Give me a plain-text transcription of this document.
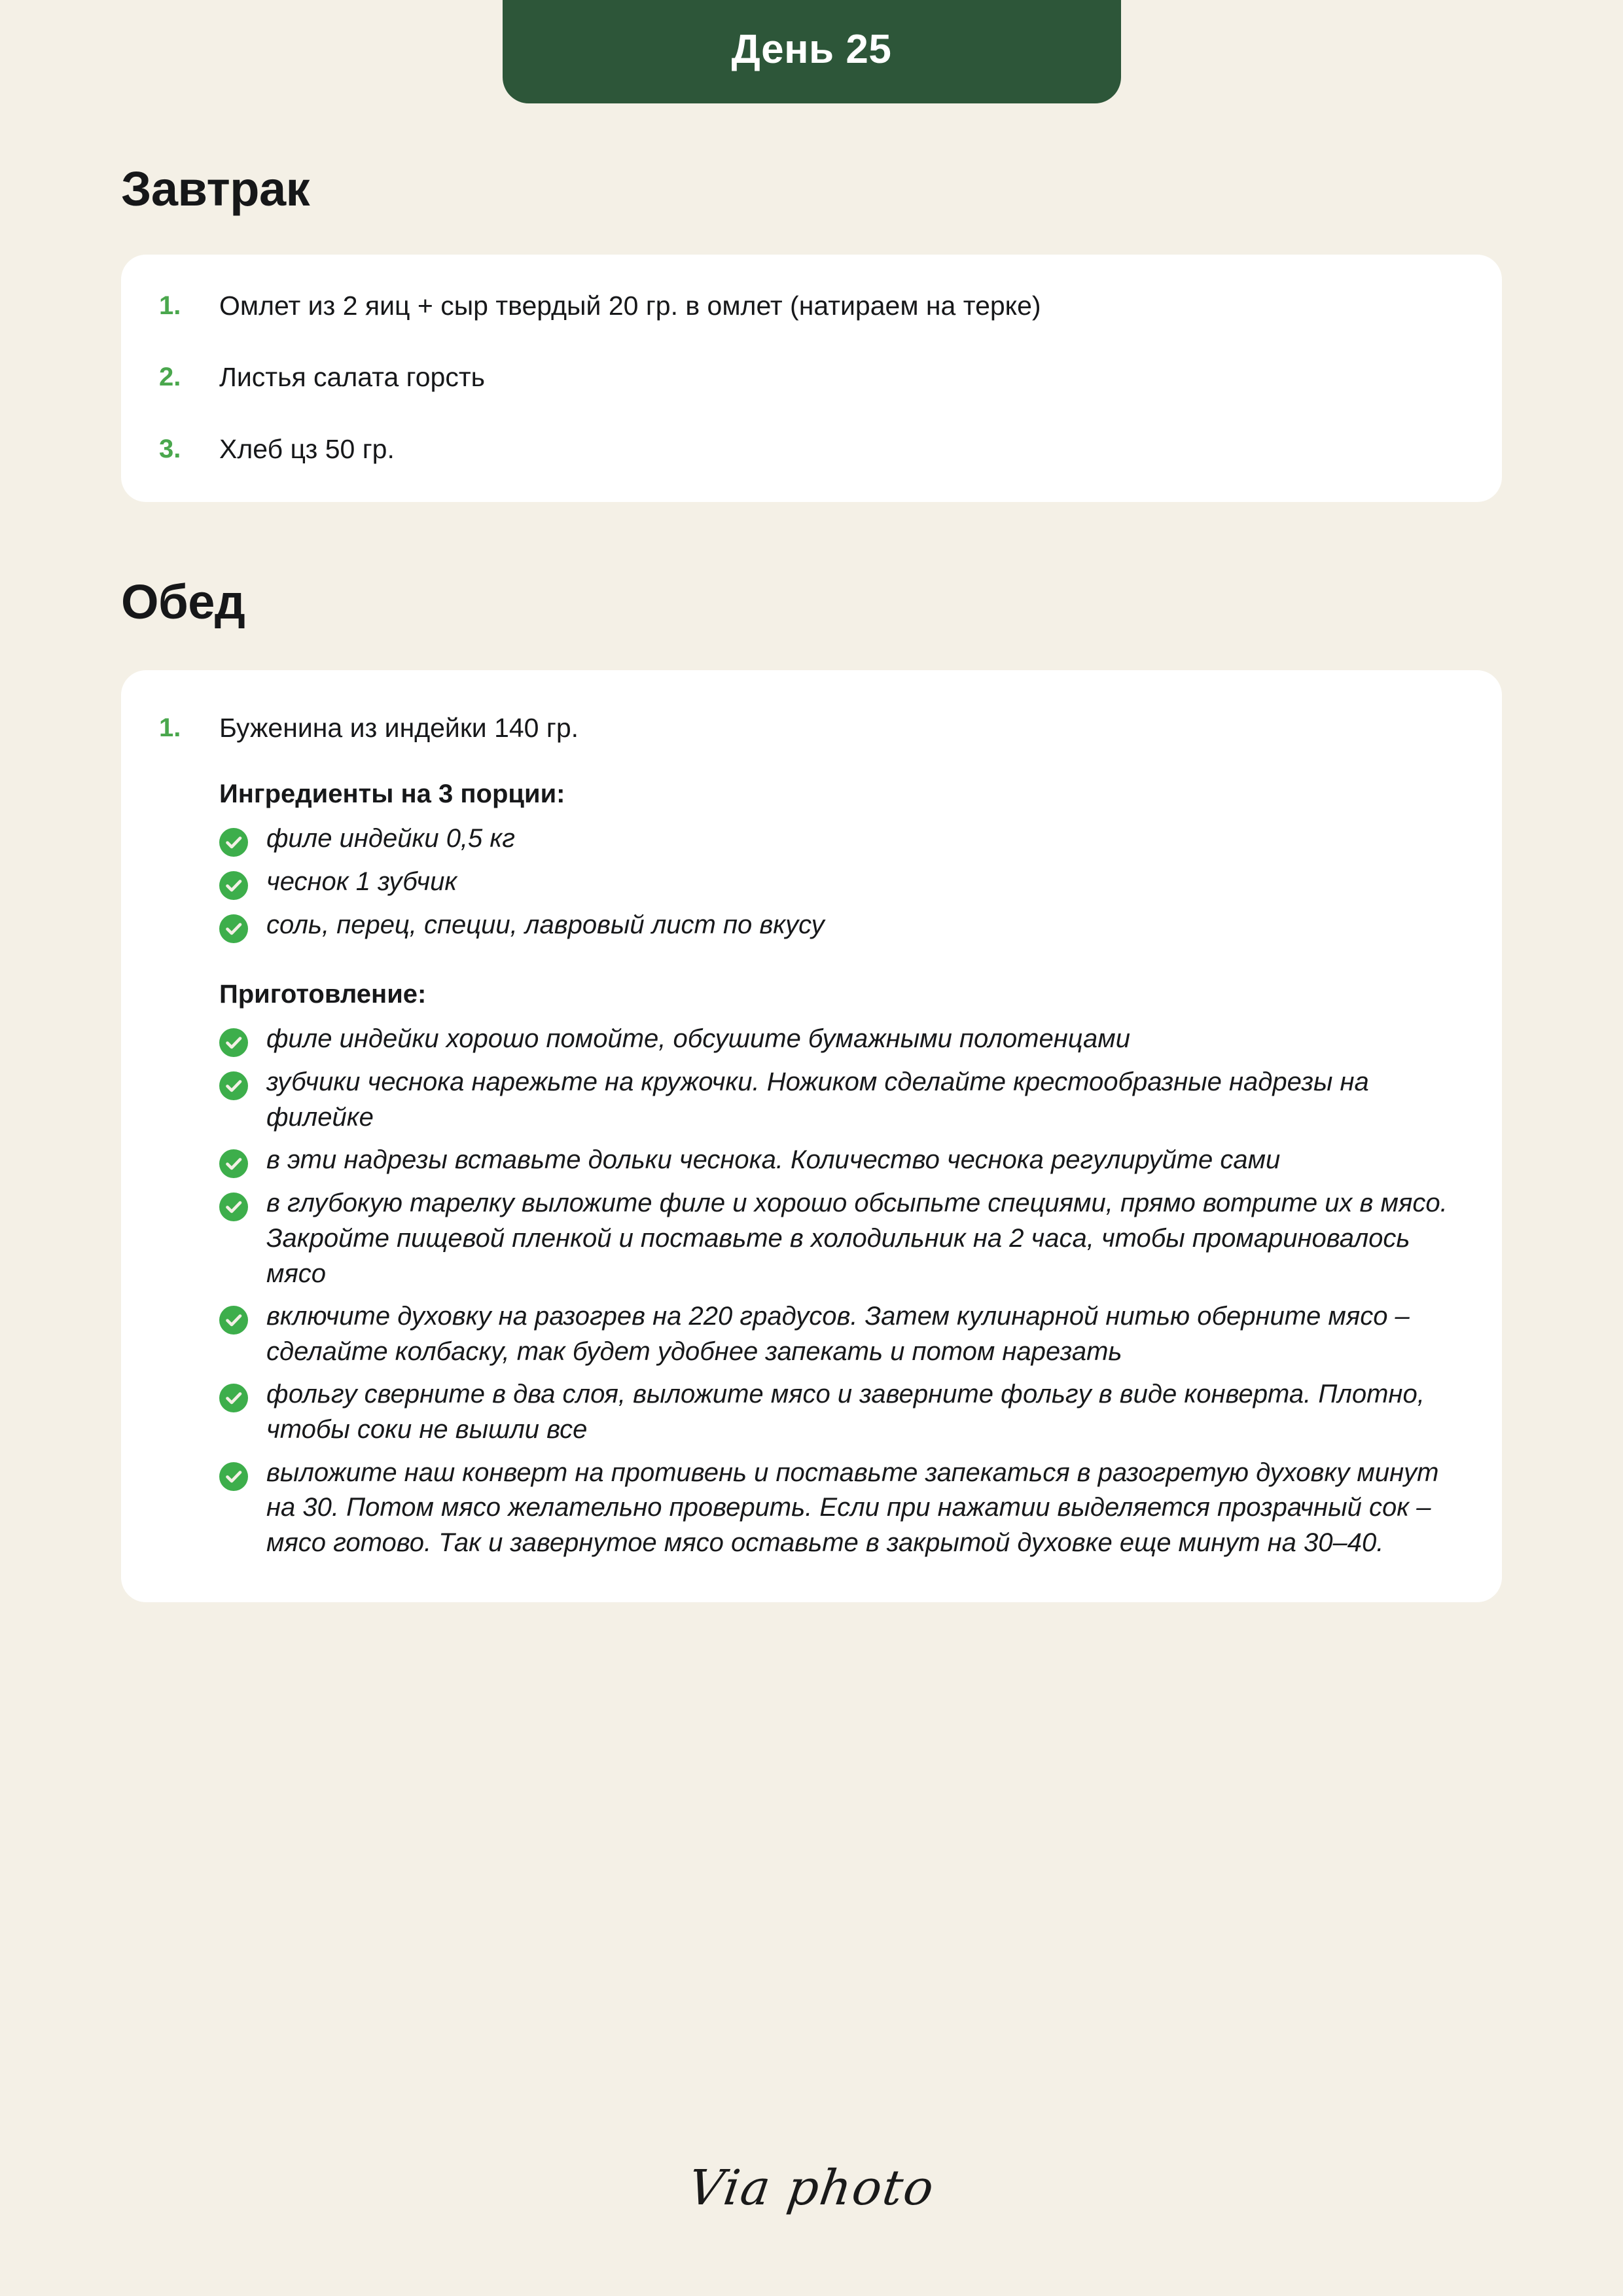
День 25
Завтрак
1.	Омлет из 2 яиц + сыр твердый 20 гр. в омлет (натираем на терке)
2.	Листья салата горсть
3.	Хлеб цз 50 гр.
Обед
1.	Буженина из индейки 140 гр.

Ингредиенты на 3 порции:

филе индейки 0,5 кг
чеснок 1 зубчик
соль, перец, специи, лавровый лист по вкусу

Приготовление:

филе индейки хорошо помойте, обсушите бумажными полотенцами
зубчики чеснока нарежьте на кружочки. Ножиком сделайте крестообразные надрезы на филейке
в эти надрезы вставьте дольки чеснока. Количество чеснока регулируйте сами
в глубокую тарелку выложите филе и хорошо обсыпьте специями, прямо вотрите их в мясо. Закройте пищевой пленкой и поставьте в холодильник на 2 часа, чтобы промариновалось мясо
включите духовку на разогрев на 220 градусов. Затем кулинарной нитью оберните мясо – сделайте колбаску, так будет удобнее запекать и потом нарезать
фольгу сверните в два слоя, выложите мясо и заверните фольгу в виде конверта. Плотно, чтобы соки не вышли все
выложите наш конверт на противень и поставьте запекаться в разогретую духовку минут на 30. Потом мясо желательно проверить. Если при нажатии выделяется прозрачный сок – мясо готово. Так и завернутое мясо оставьте в закрытой духовке еще минут на 30–40.
Via photo
